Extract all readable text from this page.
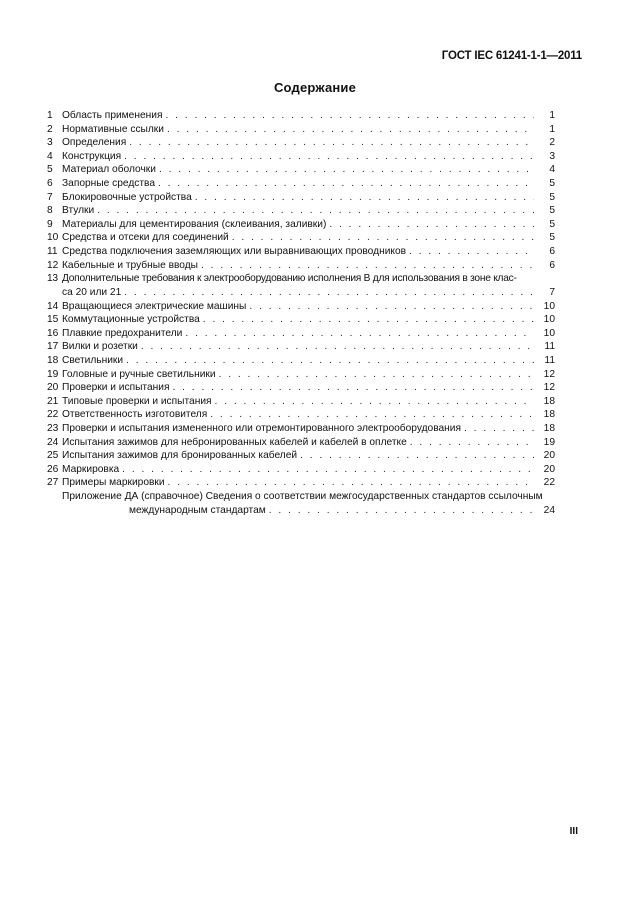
ГОСТ IEC 61241-1-1—2011
Содержание
1 Область применения . . .	1
2 Нормативные ссылки . . .	1
3 Определения . . .	2
4 Конструкция . . .	3
5 Материал оболочки . . .	4
6 Запорные средства . . .	5
7 Блокировочные устройства . . .	5
8 Втулки . . .	5
9 Материалы для цементирования (склеивания, заливки) . . .	5
10 Средства и отсеки для соединений . . .	5
11 Средства подключения заземляющих или выравнивающих проводников . . .	6
12 Кабельные и трубные вводы . . .	6
13 Дополнительные требования к электрооборудованию исполнения B для использования в зоне клас-
са 20 или 21 . . .	7
14 Вращающиеся электрические машины . . .	10
15 Коммутационные устройства . . .	10
16 Плавкие предохранители . . .	10
17 Вилки и розетки . . .	11
18 Светильники . . .	11
19 Головные и ручные светильники . . .	12
20 Проверки и испытания . . .	12
21 Типовые проверки и испытания . . .	18
22 Ответственность изготовителя . . .	18
23 Проверки и испытания измененного или отремонтированного электрооборудования . . .	18
24 Испытания зажимов для небронированных кабелей и кабелей в оплетке . . .	19
25 Испытания зажимов для бронированных кабелей . . .	20
26 Маркировка . . .	20
27 Примеры маркировки . . .	22
Приложение ДА (справочное) Сведения о соответствии межгосударственных стандартов ссылочным
международным стандартам . . .	24
III
